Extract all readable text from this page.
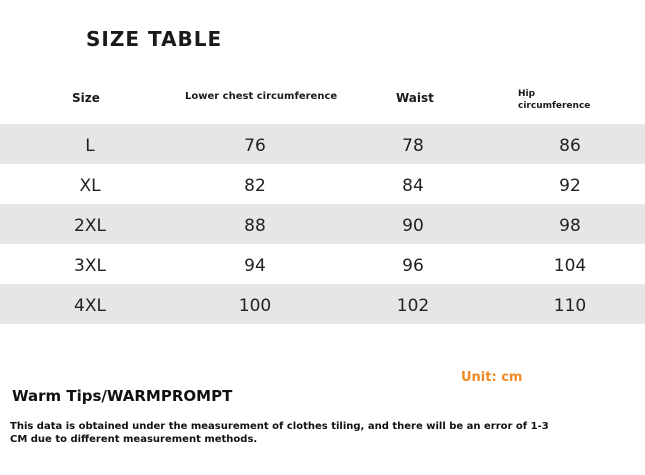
SIZE TABLE
Size	Lower chest circumference	Waist	Hip
circumference
L	76	78	86
XL	82	84	92
2XL	88	90	98
3XL	94	96	104
4XL	100	102	110
Unit: cm
Warm Tips/WARMPROMPT

This data is obtained under the measurement of clothes tiling, and there will be an error of 1-3 CM due to different measurement methods.
